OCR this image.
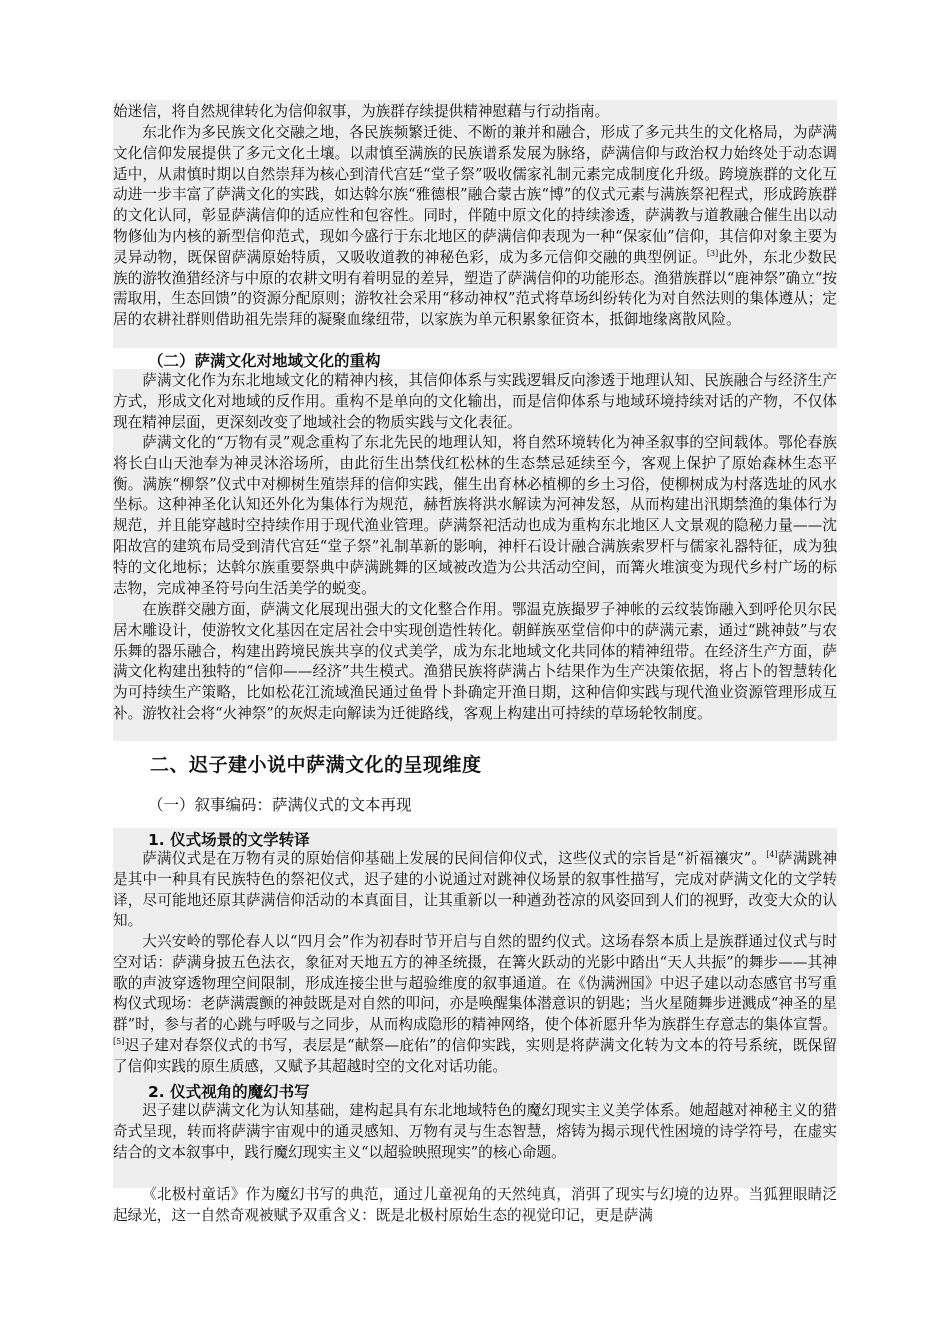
始迷信，将自然规律转化为信仰叙事，为族群存续提供精神慰藉与行动指南。

东北作为多民族文化交融之地，各民族频繁迁徙、不断的兼并和融合，形成了多元共生的文化格局，为萨满文化信仰发展提供了多元文化土壤。以肃慎至满族的民族谱系发展为脉络，萨满信仰与政治权力始终处于动态调适中，从肃慎时期以自然崇拜为核心到清代宫廷“堂子祭”吸收儒家礼制元素完成制度化升级。跨境族群的文化互动进一步丰富了萨满文化的实践，如达斡尔族“雅德根”融合蒙古族“博”的仪式元素与满族祭祀程式，形成跨族群的文化认同，彰显萨满信仰的适应性和包容性。同时，伴随中原文化的持续渗透，萨满教与道教融合催生出以动物修仙为内核的新型信仰范式，现如今盛行于东北地区的萨满信仰表现为一种“保家仙”信仰，其信仰对象主要为灵异动物，既保留萨满原始特质，又吸收道教的神秘色彩，成为多元信仰交融的典型例证。[3]此外，东北少数民族的游牧渔猎经济与中原的农耕文明有着明显的差异，塑造了萨满信仰的功能形态。渔猎族群以“鹿神祭”确立“按需取用，生态回馈”的资源分配原则；游牧社会采用“移动神权”范式将草场纠纷转化为对自然法则的集体遵从；定居的农耕社群则借助祖先崇拜的凝聚血缘纽带，以家族为单元积累象征资本，抵御地缘离散风险。

（二）萨满文化对地域文化的重构

萨满文化作为东北地域文化的精神内核，其信仰体系与实践逻辑反向渗透于地理认知、民族融合与经济生产方式，形成文化对地域的反作用。重构不是单向的文化输出，而是信仰体系与地域环境持续对话的产物，不仅体现在精神层面，更深刻改变了地域社会的物质实践与文化表征。

萨满文化的“万物有灵”观念重构了东北先民的地理认知，将自然环境转化为神圣叙事的空间载体。鄂伦春族将长白山天池奉为神灵沐浴场所，由此衍生出禁伐红松林的生态禁忌延续至今，客观上保护了原始森林生态平衡。满族“柳祭”仪式中对柳树生殖崇拜的信仰实践，催生出育林必植柳的乡土习俗，使柳树成为村落选址的风水坐标。这种神圣化认知还外化为集体行为规范，赫哲族将洪水解读为河神发怒，从而构建出汛期禁渔的集体行为规范，并且能穿越时空持续作用于现代渔业管理。萨满祭祀活动也成为重构东北地区人文景观的隐秘力量——沈阳故宫的建筑布局受到清代宫廷“堂子祭”礼制革新的影响，神杆石设计融合满族索罗杆与儒家礼器特征，成为独特的文化地标；达斡尔族重要祭典中萨满跳舞的区域被改造为公共活动空间，而篝火堆演变为现代乡村广场的标志物，完成神圣符号向生活美学的蜕变。

在族群交融方面，萨满文化展现出强大的文化整合作用。鄂温克族撮罗子神帐的云纹装饰融入到呼伦贝尔民居木雕设计，使游牧文化基因在定居社会中实现创造性转化。朝鲜族巫堂信仰中的萨满元素，通过“跳神鼓”与农乐舞的器乐融合，构建出跨境民族共享的仪式美学，成为东北地域文化共同体的精神纽带。在经济生产方面，萨满文化构建出独特的“信仰——经济”共生模式。渔猎民族将萨满占卜结果作为生产决策依据，将占卜的智慧转化为可持续生产策略，比如松花江流域渔民通过鱼骨卜卦确定开渔日期，这种信仰实践与现代渔业资源管理形成互补。游牧社会将“火神祭”的灰烬走向解读为迁徙路线，客观上构建出可持续的草场轮牧制度。

二、迟子建小说中萨满文化的呈现维度
（一）叙事编码：萨满仪式的文本再现
1. 仪式场景的文学转译

萨满仪式是在万物有灵的原始信仰基础上发展的民间信仰仪式，这些仪式的宗旨是“祈福禳灾”。[4]萨满跳神是其中一种具有民族特色的祭祀仪式，迟子建的小说通过对跳神仪场景的叙事性描写，完成对萨满文化的文学转译，尽可能地还原其萨满信仰活动的本真面目，让其重新以一种遒劲苍凉的风姿回到人们的视野，改变大众的认知。

大兴安岭的鄂伦春人以“四月会”作为初春时节开启与自然的盟约仪式。这场春祭本质上是族群通过仪式与时空对话：萨满身披五色法衣，象征对天地五方的神圣统摄，在篝火跃动的光影中踏出“天人共振”的舞步——其神歌的声波穿透物理空间限制，形成连接尘世与超验维度的叙事通道。在《伪满洲国》中迟子建以动态感官书写重构仪式现场：老萨满震颤的神鼓既是对自然的叩问，亦是唤醒集体潜意识的钥匙；当火星随舞步迸溅成“神圣的星群”时，参与者的心跳与呼吸与之同步，从而构成隐形的精神网络，使个体祈愿升华为族群生存意志的集体宣誓。[5]迟子建对春祭仪式的书写，表层是“献祭—庇佑”的信仰实践，实则是将萨满文化转为文本的符号系统，既保留了信仰实践的原生质感，又赋予其超越时空的文化对话功能。

2. 仪式视角的魔幻书写

迟子建以萨满文化为认知基础，建构起具有东北地域特色的魔幻现实主义美学体系。她超越对神秘主义的猎奇式呈现，转而将萨满宇宙观中的通灵感知、万物有灵与生态智慧，熔铸为揭示现代性困境的诗学符号，在虚实结合的文本叙事中，践行魔幻现实主义“以超验映照现实”的核心命题。

《北极村童话》作为魔幻书写的典范，通过儿童视角的天然纯真，消弭了现实与幻境的边界。当狐狸眼睛泛起绿光，这一自然奇观被赋予双重含义：既是北极村原始生态的视觉印记，更是萨满
